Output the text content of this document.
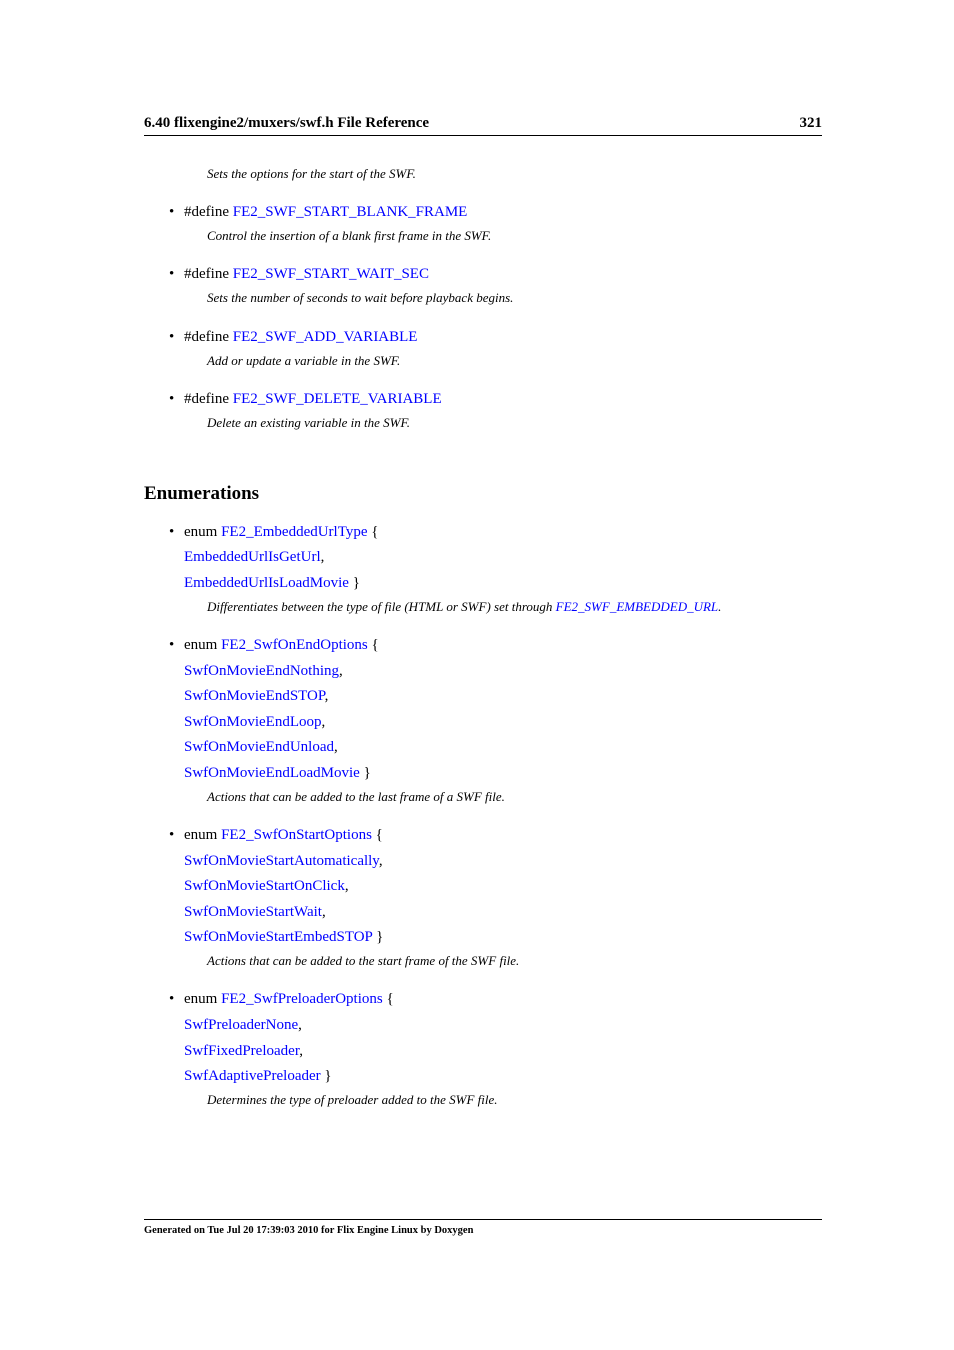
6.40 flixengine2/muxers/swf.h File Reference	321
Sets the options for the start of the SWF.
• #define FE2_SWF_START_BLANK_FRAME
Control the insertion of a blank first frame in the SWF.
• #define FE2_SWF_START_WAIT_SEC
Sets the number of seconds to wait before playback begins.
• #define FE2_SWF_ADD_VARIABLE
Add or update a variable in the SWF.
• #define FE2_SWF_DELETE_VARIABLE
Delete an existing variable in the SWF.
Enumerations
• enum FE2_EmbeddedUrlType {
EmbeddedUrlIsGetUrl,
EmbeddedUrlIsLoadMovie }
Differentiates between the type of file (HTML or SWF) set through FE2_SWF_EMBEDDED_URL.
• enum FE2_SwfOnEndOptions {
SwfOnMovieEndNothing,
SwfOnMovieEndSTOP,
SwfOnMovieEndLoop,
SwfOnMovieEndUnload,
SwfOnMovieEndLoadMovie }
Actions that can be added to the last frame of a SWF file.
• enum FE2_SwfOnStartOptions {
SwfOnMovieStartAutomatically,
SwfOnMovieStartOnClick,
SwfOnMovieStartWait,
SwfOnMovieStartEmbedSTOP }
Actions that can be added to the start frame of the SWF file.
• enum FE2_SwfPreloaderOptions {
SwfPreloaderNone,
SwfFixedPreloader,
SwfAdaptivePreloader }
Determines the type of preloader added to the SWF file.
Generated on Tue Jul 20 17:39:03 2010 for Flix Engine Linux by Doxygen
